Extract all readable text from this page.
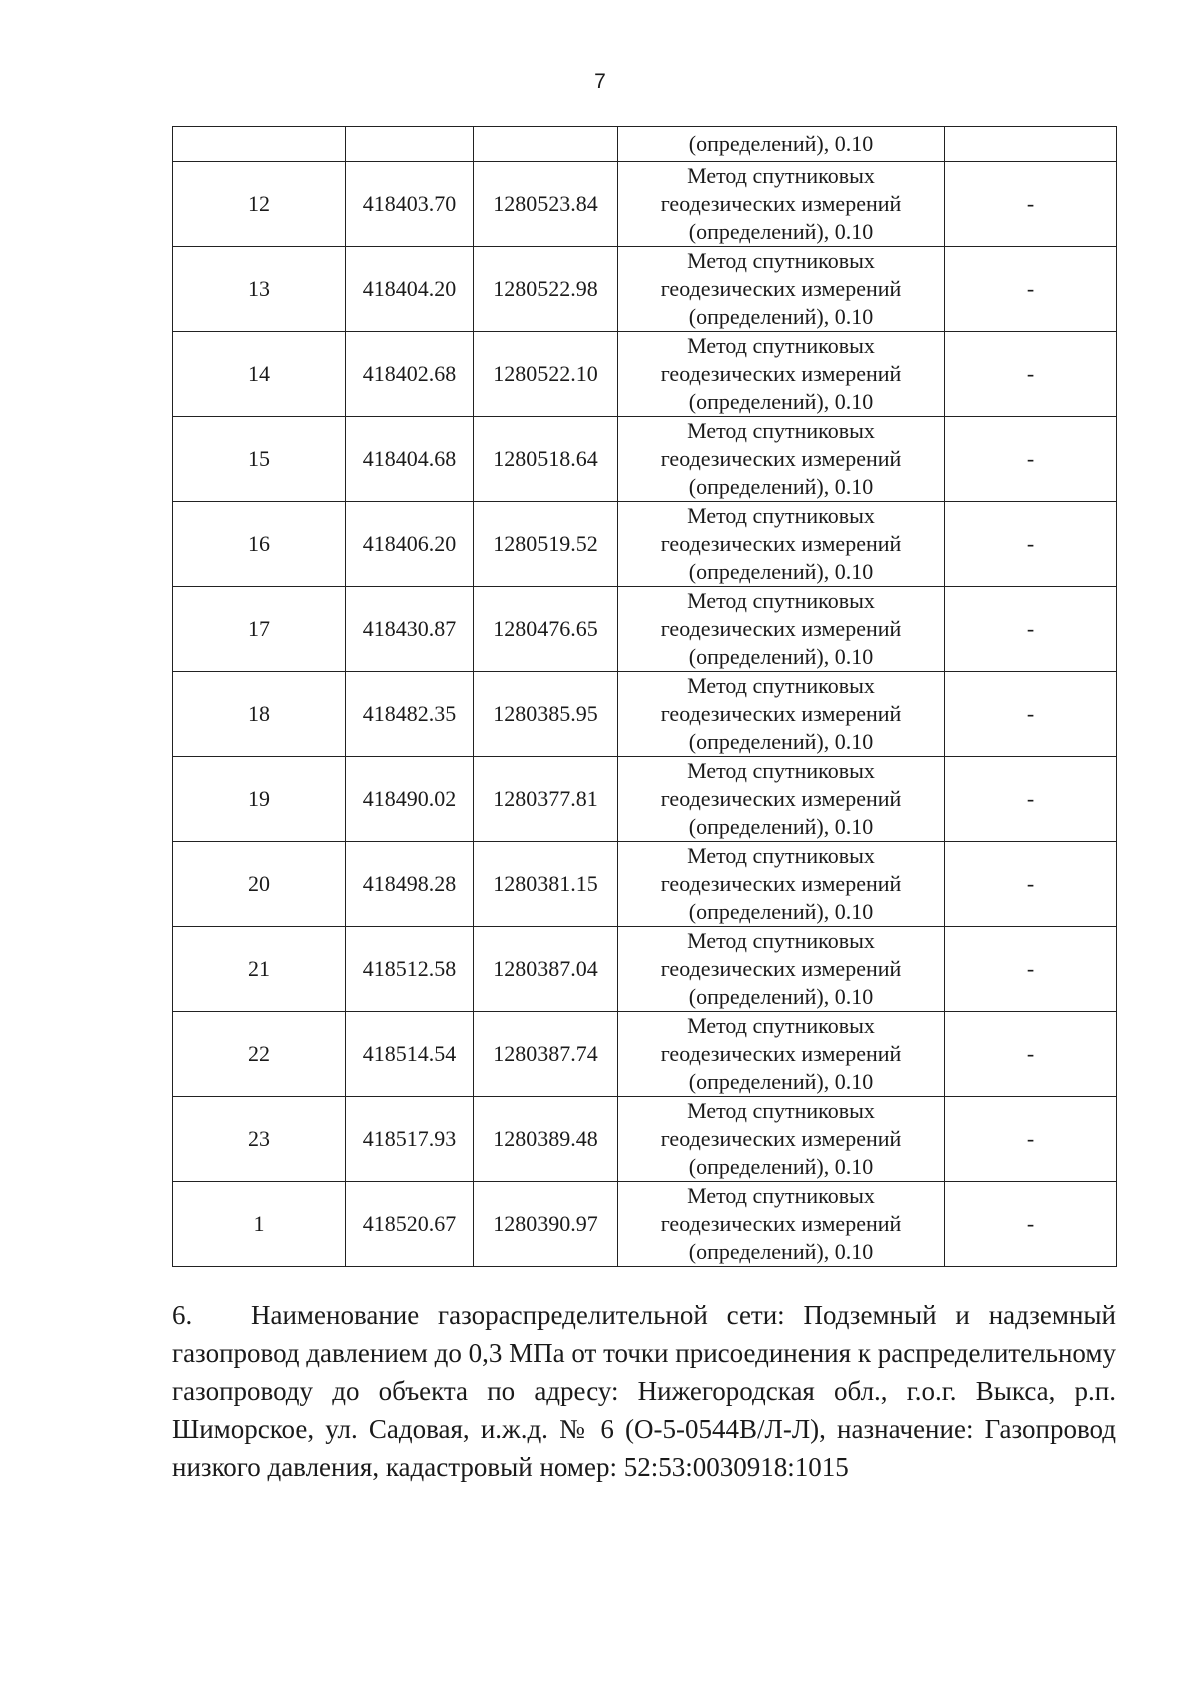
7
			(определений), 0.10	
12	418403.70	1280523.84	Метод спутниковых
геодезических измерений
(определений), 0.10	-
13	418404.20	1280522.98	Метод спутниковых
геодезических измерений
(определений), 0.10	-
14	418402.68	1280522.10	Метод спутниковых
геодезических измерений
(определений), 0.10	-
15	418404.68	1280518.64	Метод спутниковых
геодезических измерений
(определений), 0.10	-
16	418406.20	1280519.52	Метод спутниковых
геодезических измерений
(определений), 0.10	-
17	418430.87	1280476.65	Метод спутниковых
геодезических измерений
(определений), 0.10	-
18	418482.35	1280385.95	Метод спутниковых
геодезических измерений
(определений), 0.10	-
19	418490.02	1280377.81	Метод спутниковых
геодезических измерений
(определений), 0.10	-
20	418498.28	1280381.15	Метод спутниковых
геодезических измерений
(определений), 0.10	-
21	418512.58	1280387.04	Метод спутниковых
геодезических измерений
(определений), 0.10	-
22	418514.54	1280387.74	Метод спутниковых
геодезических измерений
(определений), 0.10	-
23	418517.93	1280389.48	Метод спутниковых
геодезических измерений
(определений), 0.10	-
1	418520.67	1280390.97	Метод спутниковых
геодезических измерений
(определений), 0.10	-
6. Наименование газораспределительной сети: Подземный и надземный газопровод давлением до 0,3 МПа от точки присоединения к распределительному газопроводу до объекта по адресу: Нижегородская обл., г.о.г. Выкса, р.п. Шиморское, ул. Садовая, и.ж.д. № 6 (О-5-0544В/Л-Л), назначение: Газопровод низкого давления, кадастровый номер: 52:53:0030918:1015
